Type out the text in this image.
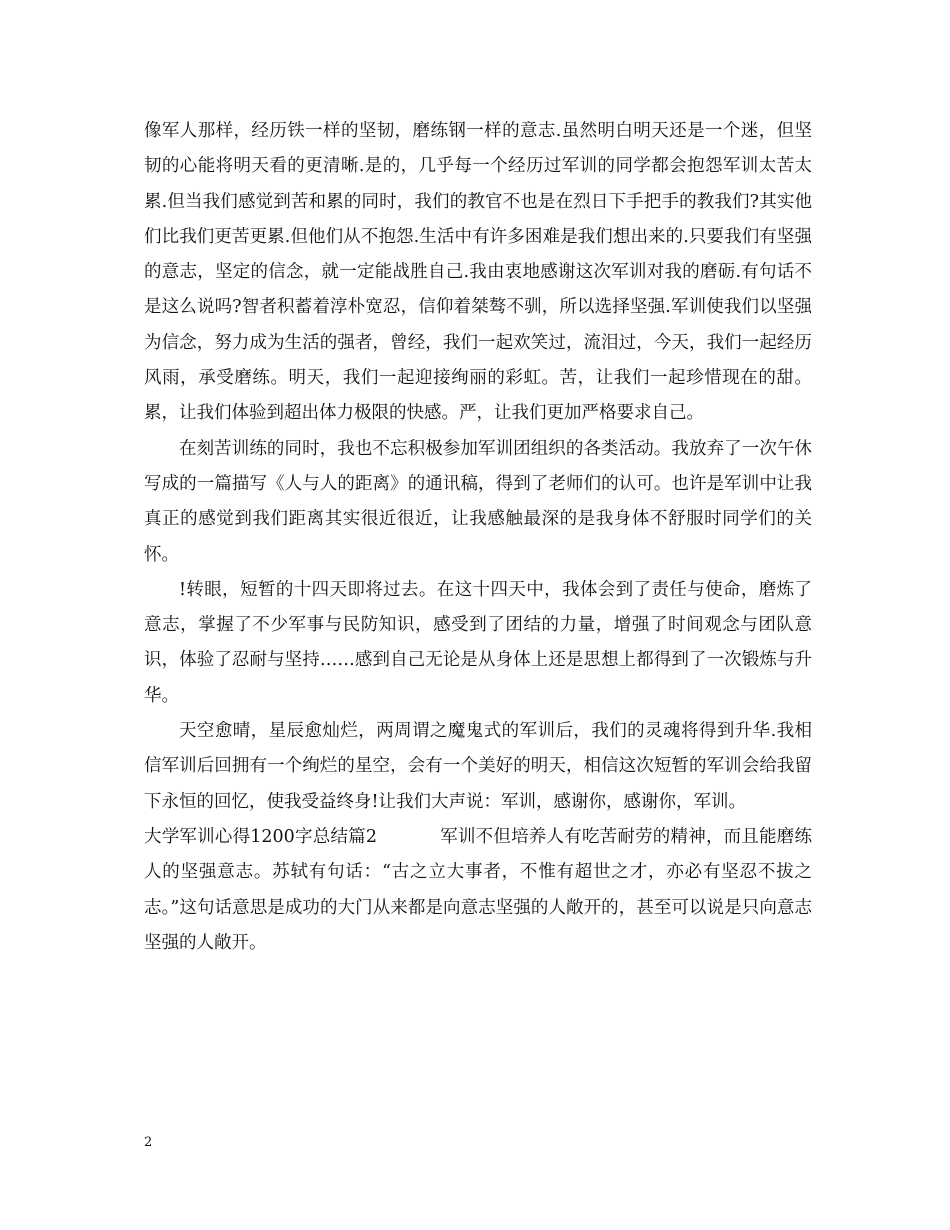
像军人那样，经历铁一样的坚韧，磨练钢一样的意志.虽然明白明天还是一个迷，但坚韧的心能将明天看的更清晰.是的，几乎每一个经历过军训的同学都会抱怨军训太苦太累.但当我们感觉到苦和累的同时，我们的教官不也是在烈日下手把手的教我们?其实他们比我们更苦更累.但他们从不抱怨.生活中有许多困难是我们想出来的.只要我们有坚强的意志，坚定的信念，就一定能战胜自己.我由衷地感谢这次军训对我的磨砺.有句话不是这么说吗?智者积蓄着淳朴宽忍，信仰着桀骜不驯，所以选择坚强.军训使我们以坚强为信念，努力成为生活的强者，曾经，我们一起欢笑过，流泪过，今天，我们一起经历风雨，承受磨练。明天，我们一起迎接绚丽的彩虹。苦，让我们一起珍惜现在的甜。累，让我们体验到超出体力极限的快感。严，让我们更加严格要求自己。

在刻苦训练的同时，我也不忘积极参加军训团组织的各类活动。我放弃了一次午休写成的一篇描写《人与人的距离》的通讯稿，得到了老师们的认可。也许是军训中让我真正的感觉到我们距离其实很近很近，让我感触最深的是我身体不舒服时同学们的关怀。

!转眼，短暂的十四天即将过去。在这十四天中，我体会到了责任与使命，磨炼了意志，掌握了不少军事与民防知识，感受到了团结的力量，增强了时间观念与团队意识，体验了忍耐与坚持……感到自己无论是从身体上还是思想上都得到了一次锻炼与升华。

天空愈晴，星辰愈灿烂，两周谓之魔鬼式的军训后，我们的灵魂将得到升华.我相信军训后回拥有一个绚烂的星空，会有一个美好的明天，相信这次短暂的军训会给我留下永恒的回忆，使我受益终身!让我们大声说：军训，感谢你，感谢你，军训。

大学军训心得1200字总结篇2	军训不但培养人有吃苦耐劳的精神，而且能磨练人的坚强意志。苏轼有句话：“古之立大事者，不惟有超世之才，亦必有坚忍不拔之志。”这句话意思是成功的大门从来都是向意志坚强的人敞开的，甚至可以说是只向意志坚强的人敞开。

2
